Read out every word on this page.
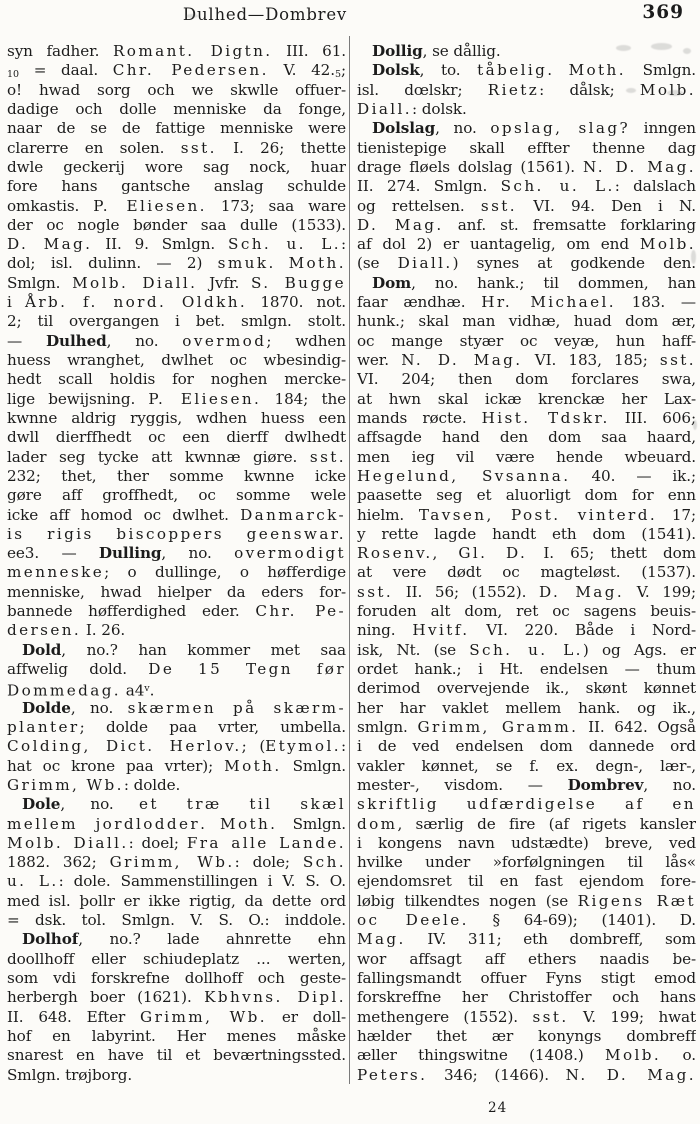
Dulhed—Dombrev	369
syn fadher. Romant. Digtn. III. 61.
10 = daal. Chr. Pedersen. V. 42.5;
o! hwad sorg och we skwlle offuer-
dadige och dolle menniske da fonge,
naar de se de fattige menniske were
clarerre en solen. sst. I. 26; thette
dwle geckerij wore sag nock, huar
fore hans gantsche anslag schulde
omkastis. P. Eliesen. 173; saa ware
der oc nogle bønder saa dulle (1533).
D. Mag. II. 9. Smlgn. Sch. u. L.:
dol; isl. dulinn. — 2) smuk. Moth.
Smlgn. Molb. Diall. Jvfr. S. Bugge
i Årb. f. nord. Oldkh. 1870. not.
2; til overgangen i bet. smlgn. stolt.
— Dulhed, no. overmod; wdhen
huess wranghet, dwlhet oc wbesindig-
hedt scall holdis for noghen mercke-
lige bewijsning. P. Eliesen. 184; the
kwnne aldrig ryggis, wdhen huess een
dwll dierffhedt oc een dierff dwlhedt
lader seg tycke att kwnnæ giøre. sst.
232; thet, ther somme kwnne icke
gøre aff groffhedt, oc somme wele
icke aff homod oc dwlhet. Danmarck-
is rigis biscoppers geenswar.
ee3. — Dulling, no. overmodigt
menneske; o dullinge, o høfferdige
menniske, hwad hielper da eders for-
bannede høfferdighed eder. Chr. Pe-
dersen. I. 26.
Dold, no.? han kommer met saa
affwelig dold. De 15 Tegn før
Dommedag. a4$^v$.
Dolde, no. skærmen på skærm-
planter; dolde paa vrter, umbella.
Colding, Dict. Herlov.; (Etymol.:
hat oc krone paa vrter); Moth. Smlgn.
Grimm, Wb.: dolde.
Dole, no. et træ til skæl
mellem jordlodder. Moth. Smlgn.
Molb. Diall.: doel; Fra alle Lande.
1882. 362; Grimm, Wb.: dole; Sch.
u. L.: dole. Sammenstillingen i V. S. O.
med isl. þollr er ikke rigtig, da dette ord
= dsk. tol. Smlgn. V. S. O.: inddole.
Dolhof, no.? lade ahnrette ehn
doollhoff eller schiudeplatz ... werten,
som vdi forskrefne dollhoff och geste-
herbergh boer (1621). Kbhvns. Dipl.
II. 648. Efter Grimm, Wb. er doll-
hof en labyrint. Her menes måske
snarest en have til et beværtningssted.
Smlgn. trøjborg.
Dollig, se dållig.
Dolsk, to. tåbelig. Moth. Smlgn.
isl. dœlskr; Rietz: dålsk; Molb.
Diall.: dolsk.
Dolslag, no. opslag, slag? inngen
tienistepige skall effter thenne dag
drage fløels dolslag (1561). N. D. Mag.
II. 274. Smlgn. Sch. u. L.: dalslach
og rettelsen. sst. VI. 94. Den i N.
D. Mag. anf. st. fremsatte forklaring
af dol 2) er uantagelig, om end Molb.
(se Diall.) synes at godkende den.
Dom, no. hank.; til dommen, han
faar ændhæ. Hr. Michael. 183. —
hunk.; skal man vidhæ, huad dom ær,
oc mange styær oc veyæ, hun haff-
wer. N. D. Mag. VI. 183, 185; sst.
VI. 204; then dom forclares swa,
at hwn skal ickæ krenckæ her Lax-
mands røcte. Hist. Tdskr. III. 606;
affsagde hand den dom saa haard,
men ieg vil være hende wbeuard.
Hegelund, Svsanna. 40. — ik.;
paasette seg et aluorligt dom for enn
hielm. Tavsen, Post. vinterd. 17;
y rette lagde handt eth dom (1541).
Rosenv., Gl. D. I. 65; thett dom
at vere dødt oc magteløst. (1537).
sst. II. 56; (1552). D. Mag. V. 199;
foruden alt dom, ret oc sagens beuis-
ning. Hvitf. VI. 220. Både i Nord-
isk, Nt. (se Sch. u. L.) og Ags. er
ordet hank.; i Ht. endelsen — thum
derimod overvejende ik., skønt kønnet
her har vaklet mellem hank. og ik.,
smlgn. Grimm, Gramm. II. 642. Også
i de ved endelsen dom dannede ord
vakler kønnet, se f. ex. degn-, lær-,
mester-, visdom. — Dombrev, no.
skriftlig udfærdigelse af en
dom, særlig de fire (af rigets kansler
i kongens navn udstædte) breve, ved
hvilke under »forfølgningen til lås«
ejendomsret til en fast ejendom fore-
løbig tilkendtes nogen (se Rigens Ræt
oc Deele. § 64-69); (1401). D.
Mag. IV. 311; eth dombreff, som
wor affsagt aff ethers naadis be-
fallingsmandt offuer Fyns stigt emod
forskreffne her Christoffer och hans
methengere (1552). sst. V. 199; hwat
hælder thet ær konyngs dombreff
æller thingswitne (1408.) Molb. o.
Peters. 346; (1466). N. D. Mag.
24
